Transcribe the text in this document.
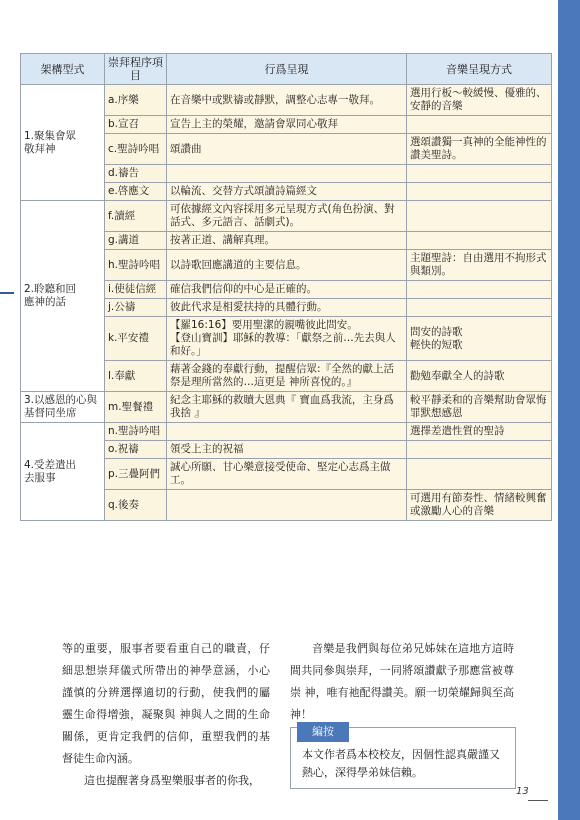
架構型式	崇拜程序項目	行爲呈現	音樂呈現方式
1.聚集會眾
敬拜神	a.序樂	在音樂中或默禱或靜默，調整心志專一敬拜。	選用行板～較緩慢、優雅的、安靜的音樂
	b.宣召	宣告上主的榮耀，邀請會眾同心敬拜	
	c.聖詩吟唱	頌讚曲	選頌讚獨一真神的全能神性的讚美聖詩。
	d.禱告		
	e.啓應文	以輪流、交替方式頌讀詩篇經文	
2.聆聽和回
應神的話	f.讀經	可依據經文內容採用多元呈現方式(角色扮演、對話式、多元語言、話劇式)。	
	g.講道	按著正道、講解真理。	
	h.聖詩吟唱	以詩歌回應講道的主要信息。	主題聖詩：自由選用不拘形式與類別。
	i.使徒信經	確信我們信仰的中心是正確的。	
	j.公禱	彼此代求是相愛扶持的具體行動。	
	k.平安禮	【羅16:16】要用聖潔的親嘴彼此問安。
【登山寶訓】耶穌的教導：「獻祭之前…先去與人和好。」	問安的詩歌
輕快的短歌
	l.奉獻	藉著金錢的奉獻行動，提醒信眾:『全然的獻上活祭是理所當然的…這更是 神所喜悅的。』	勸勉奉獻全人的詩歌
3.以感恩的心與
基督同坐席	m.聖餐禮	紀念主耶穌的救贖大恩典『 寶血爲我流，主身爲我捨 』	較平靜柔和的音樂幫助會眾悔罪默想感恩
4.受差遣出
去服事	n.聖詩吟唱		選擇差遣性質的聖詩
	o.祝禱	領受上主的祝福	
	p.三疊阿們	誠心所願、甘心樂意接受使命、堅定心志爲主做工。	
	q.後奏		可選用有節奏性、情緒較興奮或激勵人心的音樂
等的重要，服事者要看重自己的職責，仔細思想崇拜儀式所帶出的神學意涵，小心謹慎的分辨選擇適切的行動，使我們的屬靈生命得增強，凝聚與 神與人之間的生命關係，更肯定我們的信仰，重塑我們的基督徒生命內涵。
這也提醒著身爲聖樂服事者的你我，
音樂是我們與每位弟兄姊妹在這地方這時間共同參與崇拜，一同將頌讚獻予那應當被尊崇 神，唯有祂配得讚美。願一切榮耀歸與至高 神！
編按
本文作者爲本校校友，因個性認真嚴謹又熱心，深得學弟妹信賴。
13
